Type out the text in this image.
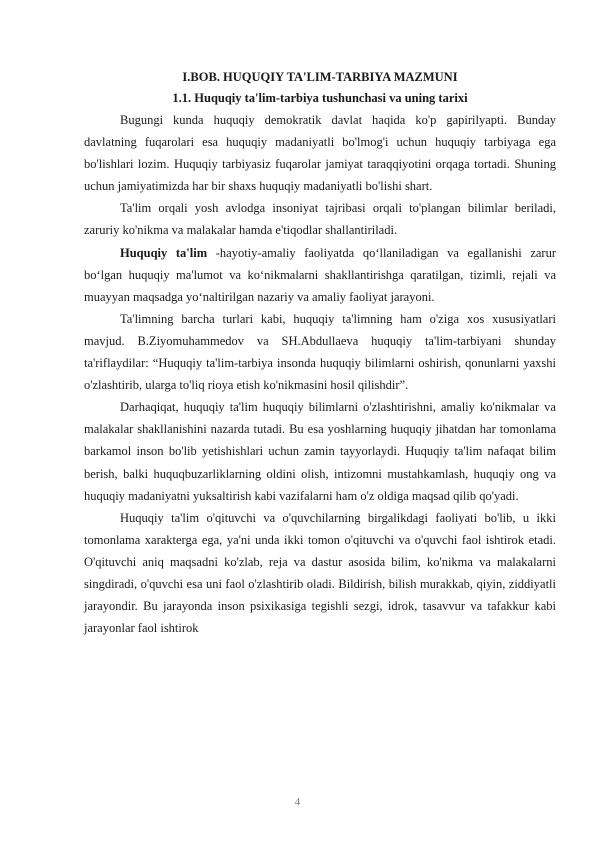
I.BOB. HUQUQIY TA'LIM-TARBIYA MAZMUNI

1.1. Huquqiy ta'lim-tarbiya tushunchasi va uning tarixi

Bugungi kunda huquqiy demokratik davlat haqida ko'p gapirilyapti. Bunday davlatning fuqarolari esa huquqiy madaniyatli bo'lmog'i uchun huquqiy tarbiyaga ega bo'lishlari lozim. Huquqiy tarbiyasiz fuqarolar jamiyat taraqqiyotini orqaga tortadi. Shuning uchun jamiyatimizda har bir shaxs huquqiy madaniyatli bo'lishi shart.

Ta'lim orqali yosh avlodga insoniyat tajribasi orqali to'plangan bilimlar beriladi, zaruriy ko'nikma va malakalar hamda e'tiqodlar shallantiriladi.

Huquqiy ta'lim -hayotiy-amaliy faoliyatda qo‘llaniladigan va egallanishi zarur bo‘lgan huquqiy ma'lumot va ko‘nikmalarni shakllantirishga qaratilgan, tizimli, rejali va muayyan maqsadga yo‘naltirilgan nazariy va amaliy faoliyat jarayoni.

Ta'limning barcha turlari kabi, huquqiy ta'limning ham o'ziga xos xususiyatlari mavjud. B.Ziyomuhammedov va SH.Abdullaeva huquqiy ta'lim-tarbiyani shunday ta'riflaydilar: “Huquqiy ta'lim-tarbiya insonda huquqiy bilimlarni oshirish, qonunlarni yaxshi o'zlashtirib, ularga to'liq rioya etish ko'nikmasini hosil qilishdir”.

Darhaqiqat, huquqiy ta'lim huquqiy bilimlarni o'zlashtirishni, amaliy ko'nikmalar va malakalar shakllanishini nazarda tutadi. Bu esa yoshlarning huquqiy jihatdan har tomonlama barkamol inson bo'lib yetishishlari uchun zamin tayyorlaydi. Huquqiy ta'lim nafaqat bilim berish, balki huquqbuzarliklarning oldini olish, intizomni mustahkamlash, huquqiy ong va huquqiy madaniyatni yuksaltirish kabi vazifalarni ham o'z oldiga maqsad qilib qo'yadi.

Huquqiy ta'lim o'qituvchi va o'quvchilarning birgalikdagi faoliyati bo'lib, u ikki tomonlama xarakterga ega, ya'ni unda ikki tomon o'qituvchi va o'quvchi faol ishtirok etadi. O'qituvchi aniq maqsadni ko'zlab, reja va dastur asosida bilim, ko'nikma va malakalarni singdiradi, o'quvchi esa uni faol o'zlashtirib oladi. Bildirish, bilish murakkab, qiyin, ziddiyatli jarayondir. Bu jarayonda inson psixikasiga tegishli sezgi, idrok, tasavvur va tafakkur kabi jarayonlar faol ishtirok

4
